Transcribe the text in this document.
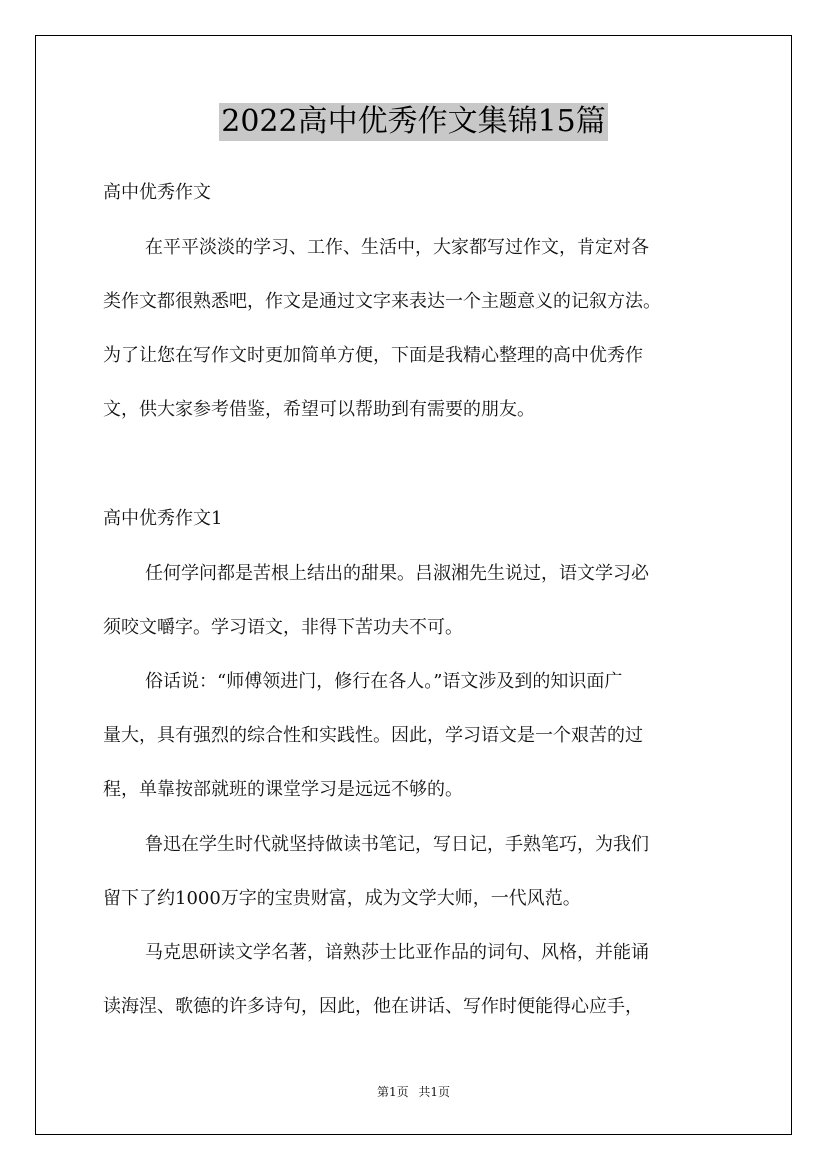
2022高中优秀作文集锦15篇
高中优秀作文
在平平淡淡的学习、工作、生活中，大家都写过作文，肯定对各
类作文都很熟悉吧，作文是通过文字来表达一个主题意义的记叙方法。
为了让您在写作文时更加简单方便，下面是我精心整理的高中优秀作
文，供大家参考借鉴，希望可以帮助到有需要的朋友。
高中优秀作文1
任何学问都是苦根上结出的甜果。吕淑湘先生说过，语文学习必
须咬文嚼字。学习语文，非得下苦功夫不可。
俗话说：“师傅领进门，修行在各人。”语文涉及到的知识面广
量大，具有强烈的综合性和实践性。因此，学习语文是一个艰苦的过
程，单靠按部就班的课堂学习是远远不够的。
鲁迅在学生时代就坚持做读书笔记，写日记，手熟笔巧，为我们
留下了约1000万字的宝贵财富，成为文学大师，一代风范。
马克思研读文学名著，谙熟莎士比亚作品的词句、风格，并能诵
读海涅、歌德的许多诗句，因此，他在讲话、写作时便能得心应手，
第1页 共1页
